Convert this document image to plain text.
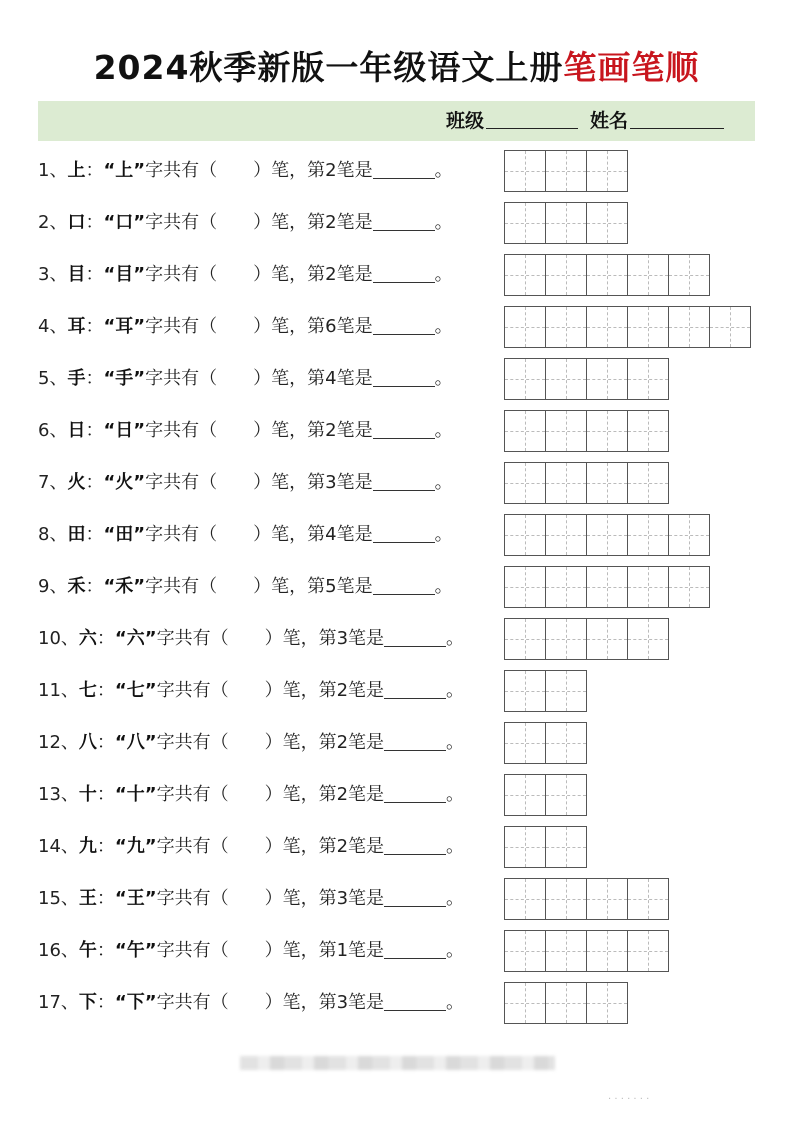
2024秋季新版一年级语文上册笔画笔顺
班级	姓名
1、上：“上”字共有（　　）笔，第2笔是	。
2、口：“口”字共有（　　）笔，第2笔是	。
3、目：“目”字共有（　　）笔，第2笔是	。
4、耳：“耳”字共有（　　）笔，第6笔是	。
5、手：“手”字共有（　　）笔，第4笔是	。
6、日：“日”字共有（　　）笔，第2笔是	。
7、火：“火”字共有（　　）笔，第3笔是	。
8、田：“田”字共有（　　）笔，第4笔是	。
9、禾：“禾”字共有（　　）笔，第5笔是	。
10、六：“六”字共有（　　）笔，第3笔是	。
11、七：“七”字共有（　　）笔，第2笔是	。
12、八：“八”字共有（　　）笔，第2笔是	。
13、十：“十”字共有（　　）笔，第2笔是	。
14、九：“九”字共有（　　）笔，第2笔是	。
15、王：“王”字共有（　　）笔，第3笔是	。
16、午：“午”字共有（　　）笔，第1笔是	。
17、下：“下”字共有（　　）笔，第3笔是	。
· · · · · · ·
